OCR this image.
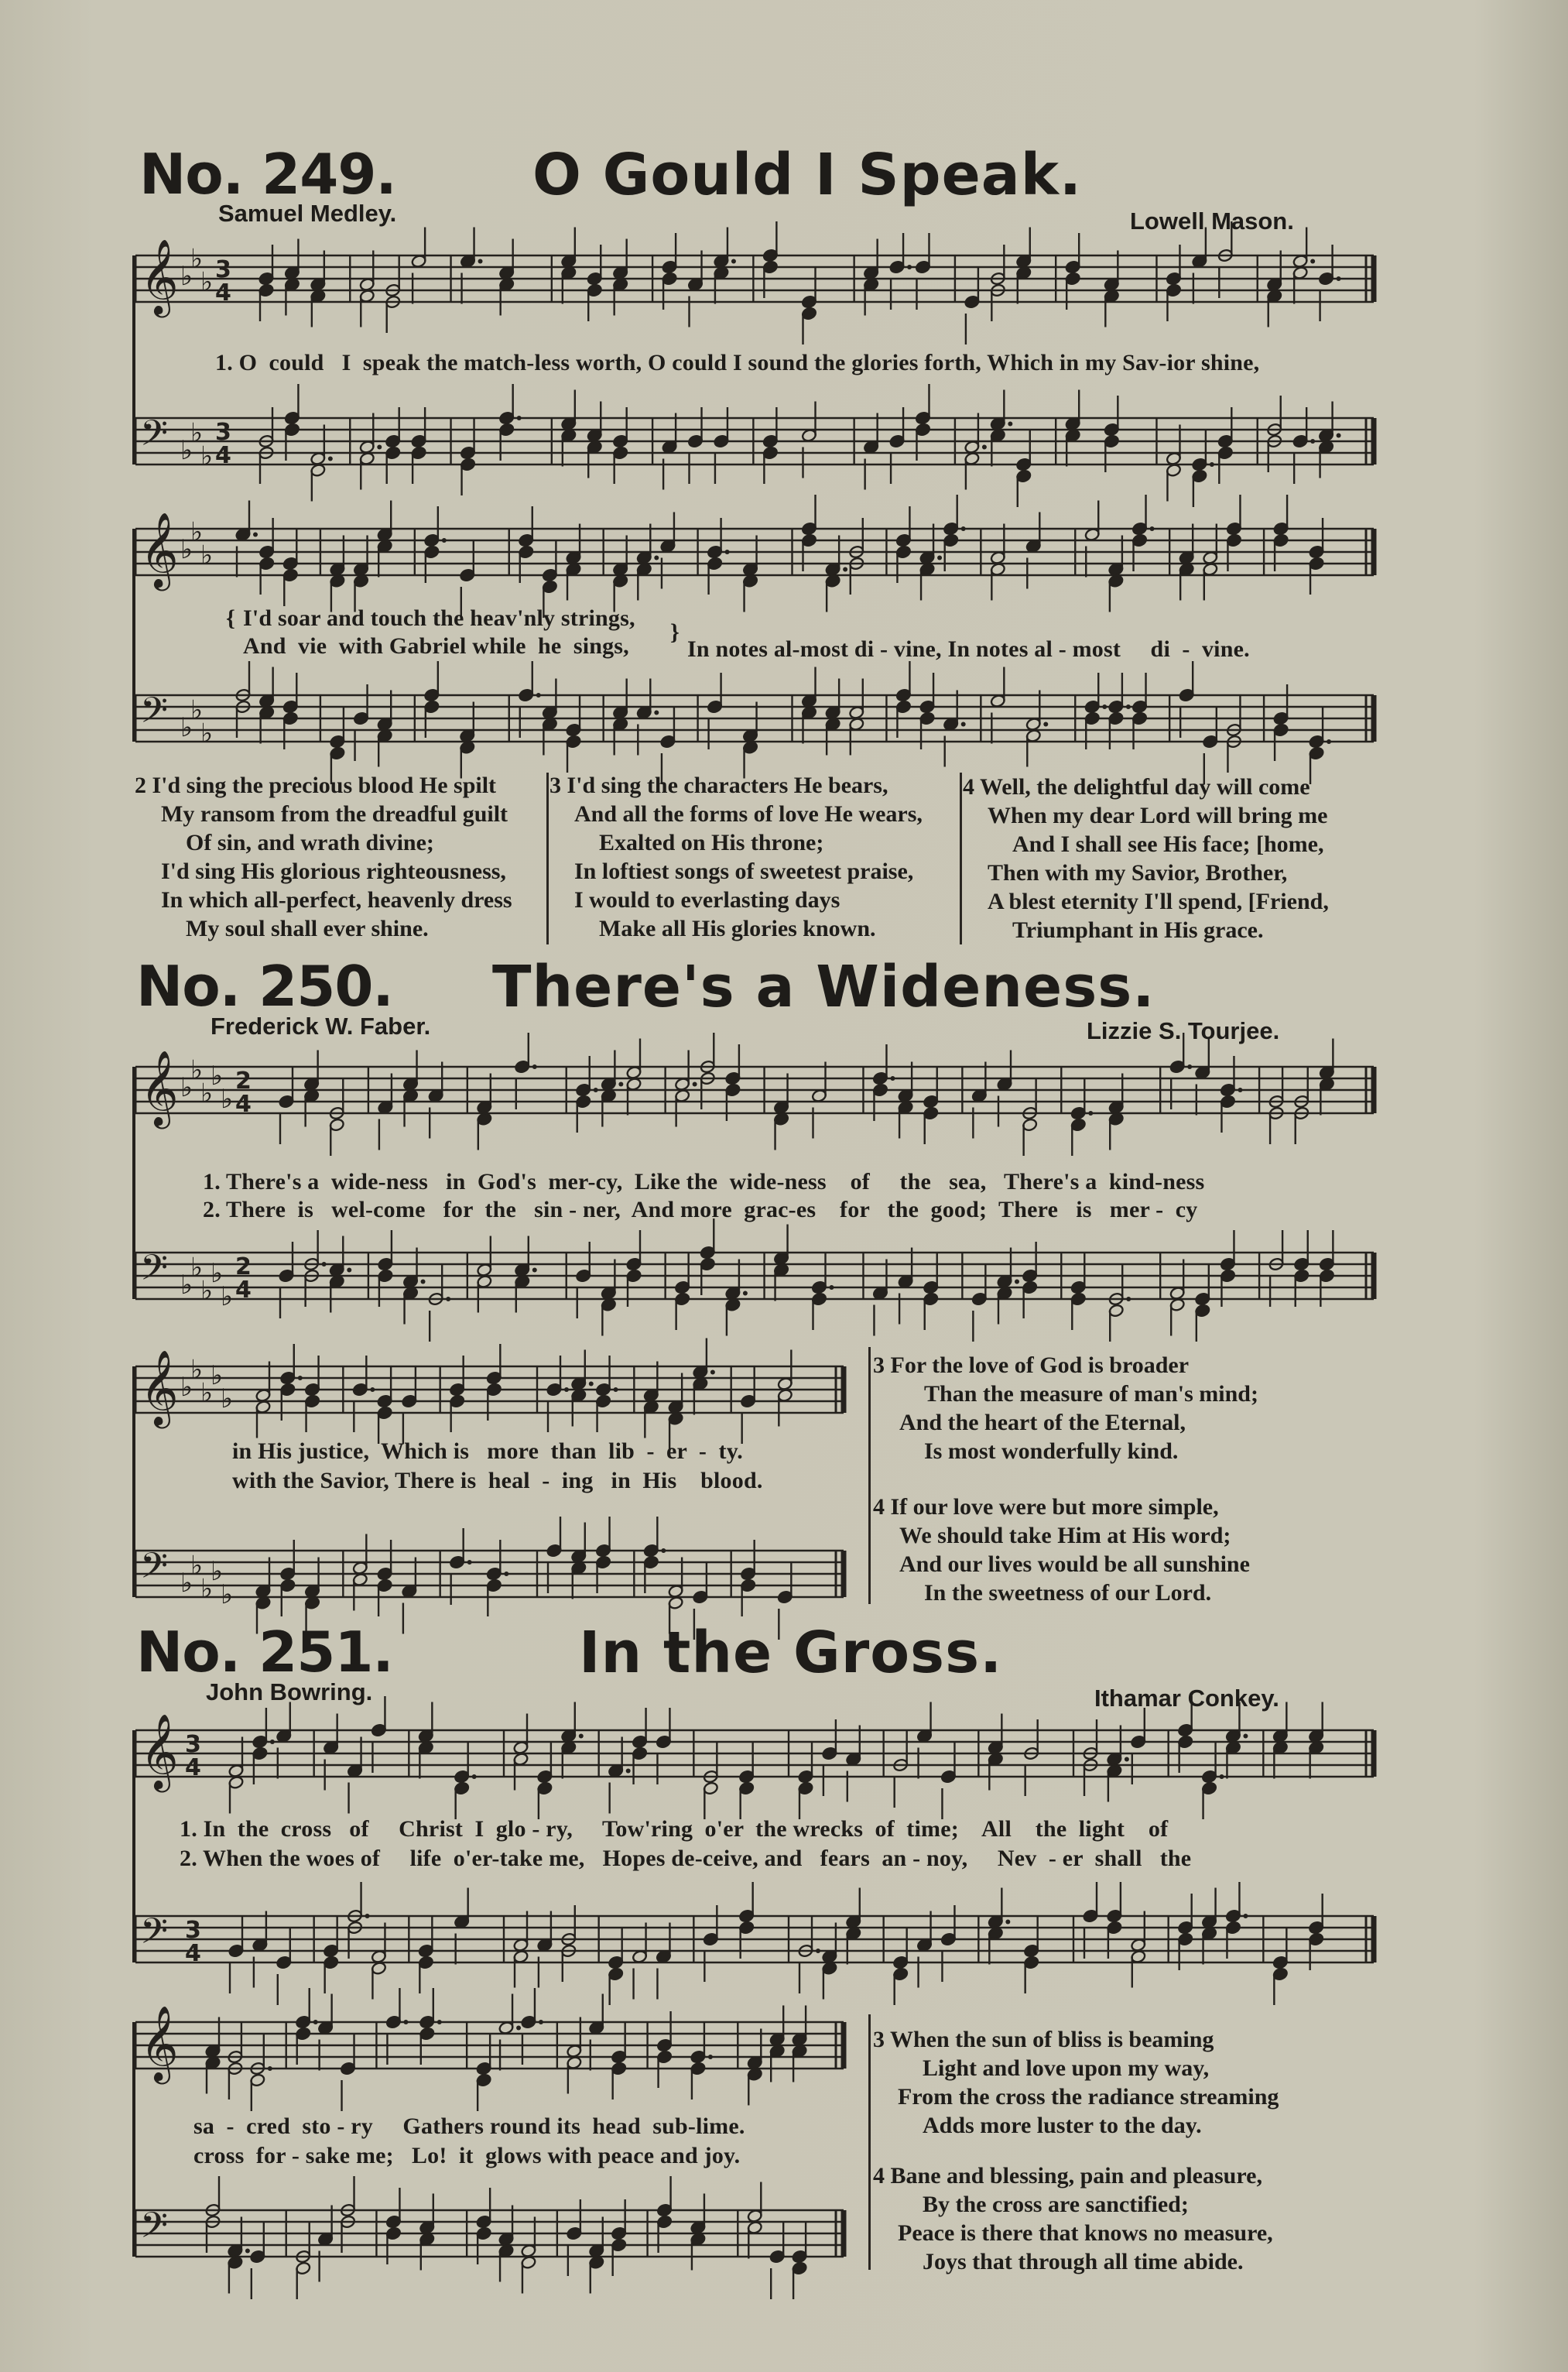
No. 249. O Gould I Speak.
Samuel Medley.	Lowell Mason.
𝄞 ♭
♭
♭ 3
4
𝄢 ♭
♭
♭
3
4
𝄞 ♭
♭
♭
𝄢 ♭
♭
♭
𝄞 ♭
♭
♭
♭
♭
2
4
𝄢 ♭
♭
♭
♭
♭
2
4
𝄞 ♭
♭
♭
♭
♭
𝄢 ♭
♭
♭
♭
♭
𝄞 3
4
𝄢 3
4
𝄞
𝄢
1. O  could   I  speak the match-less worth, O could I sound the glories forth, Which in my Sav-ior shine,
{ I'd soar and touch the heav'nly strings,
And  vie  with Gabriel while  he  sings,
}
In notes al-most di - vine, In notes al - most     di  -  vine.
2 I'd sing the precious blood He spilt
My ransom from the dreadful guilt
Of sin, and wrath divine;
I'd sing His glorious righteousness,
In which all-perfect, heavenly dress
My soul shall ever shine.
3 I'd sing the characters He bears,
And all the forms of love He wears,
Exalted on His throne;
In loftiest songs of sweetest praise,
I would to everlasting days
Make all His glories known.
4 Well, the delightful day will come
When my dear Lord will bring me
And I shall see His face; [home,
Then with my Savior, Brother,
A blest eternity I'll spend, [Friend,
Triumphant in His grace.
No. 250. There's a Wideness.
Frederick W. Faber.	Lizzie S. Tourjee.
1. There's a  wide-ness   in  God's  mer-cy,  Like the  wide-ness    of     the   sea,   There's a  kind-ness
2. There  is   wel-come   for  the   sin - ner,  And more  grac-es    for   the  good;  There   is   mer -  cy
in His justice,  Which is   more  than  lib  -  er  -  ty.
with the Savior, There is  heal  -  ing   in  His    blood.
3 For the love of God is broader
Than the measure of man's mind;
And the heart of the Eternal,
Is most wonderfully kind.
4 If our love were but more simple,
We should take Him at His word;
And our lives would be all sunshine
In the sweetness of our Lord.
No. 251.	In the Gross.
John Bowring.	Ithamar Conkey.
1. In  the  cross   of     Christ  I  glo - ry,     Tow'ring  o'er  the wrecks  of  time;    All    the  light    of
2. When the woes of     life  o'er-take me,   Hopes de-ceive, and   fears  an - noy,     Nev  - er  shall   the
sa  -  cred  sto - ry     Gathers round its  head  sub-lime.
cross  for - sake me;   Lo!  it  glows with peace and joy.
3 When the sun of bliss is beaming
Light and love upon my way,
From the cross the radiance streaming
Adds more luster to the day.
4 Bane and blessing, pain and pleasure,
By the cross are sanctified;
Peace is there that knows no measure,
Joys that through all time abide.
